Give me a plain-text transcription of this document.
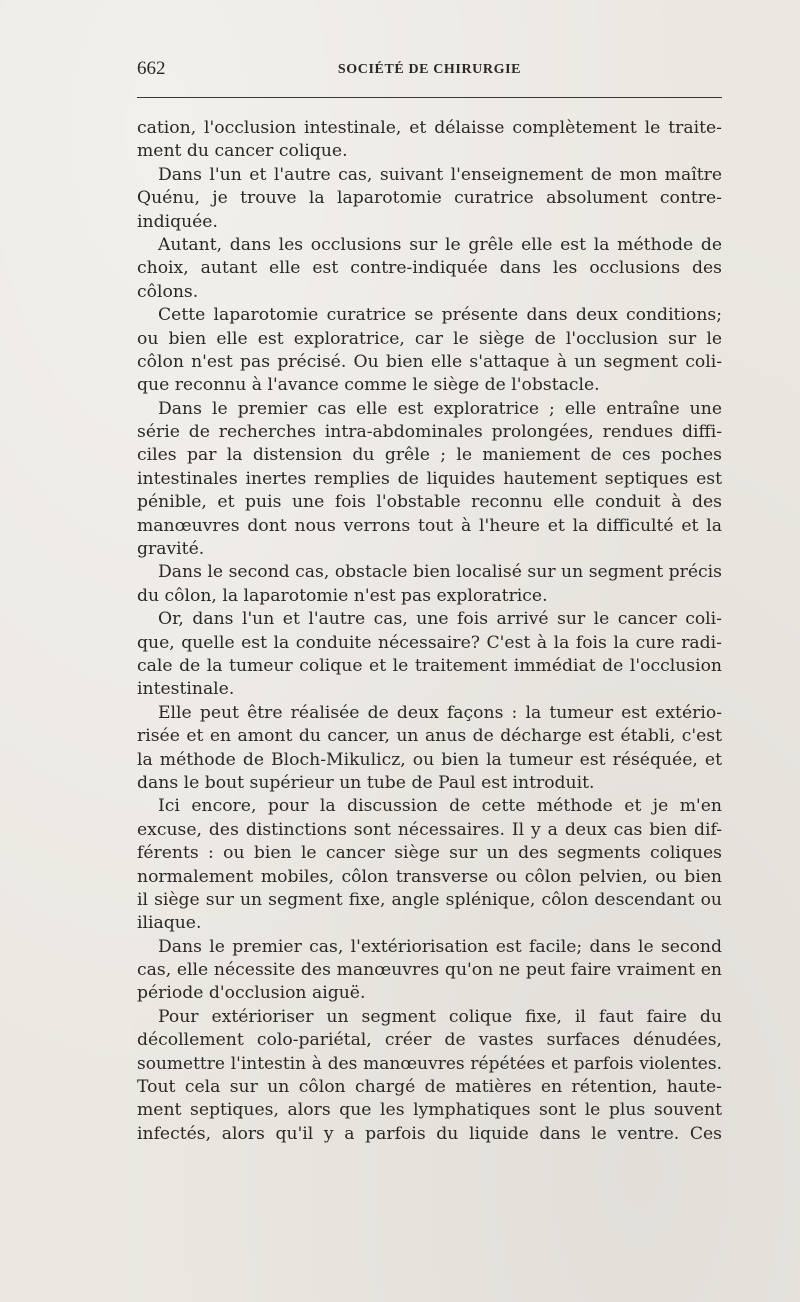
662	SOCIÉTÉ DE CHIRURGIE
cation, l'occlusion intestinale, et délaisse complètement le traite-
ment du cancer colique.
Dans l'un et l'autre cas, suivant l'enseignement de mon maître
Quénu, je trouve la laparotomie curatrice absolument contre-
indiquée.
Autant, dans les occlusions sur le grêle elle est la méthode de
choix, autant elle est contre-indiquée dans les occlusions des
côlons.
Cette laparotomie curatrice se présente dans deux conditions;
ou bien elle est exploratrice, car le siège de l'occlusion sur le
côlon n'est pas précisé. Ou bien elle s'attaque à un segment coli-
que reconnu à l'avance comme le siège de l'obstacle.
Dans le premier cas elle est exploratrice ; elle entraîne une
série de recherches intra-abdominales prolongées, rendues diffi-
ciles par la distension du grêle ; le maniement de ces poches
intestinales inertes remplies de liquides hautement septiques est
pénible, et puis une fois l'obstable reconnu elle conduit à des
manœuvres dont nous verrons tout à l'heure et la difficulté et la
gravité.
Dans le second cas, obstacle bien localisé sur un segment précis
du côlon, la laparotomie n'est pas exploratrice.
Or, dans l'un et l'autre cas, une fois arrivé sur le cancer coli-
que, quelle est la conduite nécessaire? C'est à la fois la cure radi-
cale de la tumeur colique et le traitement immédiat de l'occlusion
intestinale.
Elle peut être réalisée de deux façons : la tumeur est extério-
risée et en amont du cancer, un anus de décharge est établi, c'est
la méthode de Bloch-Mikulicz, ou bien la tumeur est réséquée, et
dans le bout supérieur un tube de Paul est introduit.
Ici encore, pour la discussion de cette méthode et je m'en
excuse, des distinctions sont nécessaires. Il y a deux cas bien dif-
férents : ou bien le cancer siège sur un des segments coliques
normalement mobiles, côlon transverse ou côlon pelvien, ou bien
il siège sur un segment fixe, angle splénique, côlon descendant ou
iliaque.
Dans le premier cas, l'extériorisation est facile; dans le second
cas, elle nécessite des manœuvres qu'on ne peut faire vraiment en
période d'occlusion aiguë.
Pour extérioriser un segment colique fixe, il faut faire du
décollement colo-pariétal, créer de vastes surfaces dénudées,
soumettre l'intestin à des manœuvres répétées et parfois violentes.
Tout cela sur un côlon chargé de matières en rétention, haute-
ment septiques, alors que les lymphatiques sont le plus souvent
infectés, alors qu'il y a parfois du liquide dans le ventre. Ces
